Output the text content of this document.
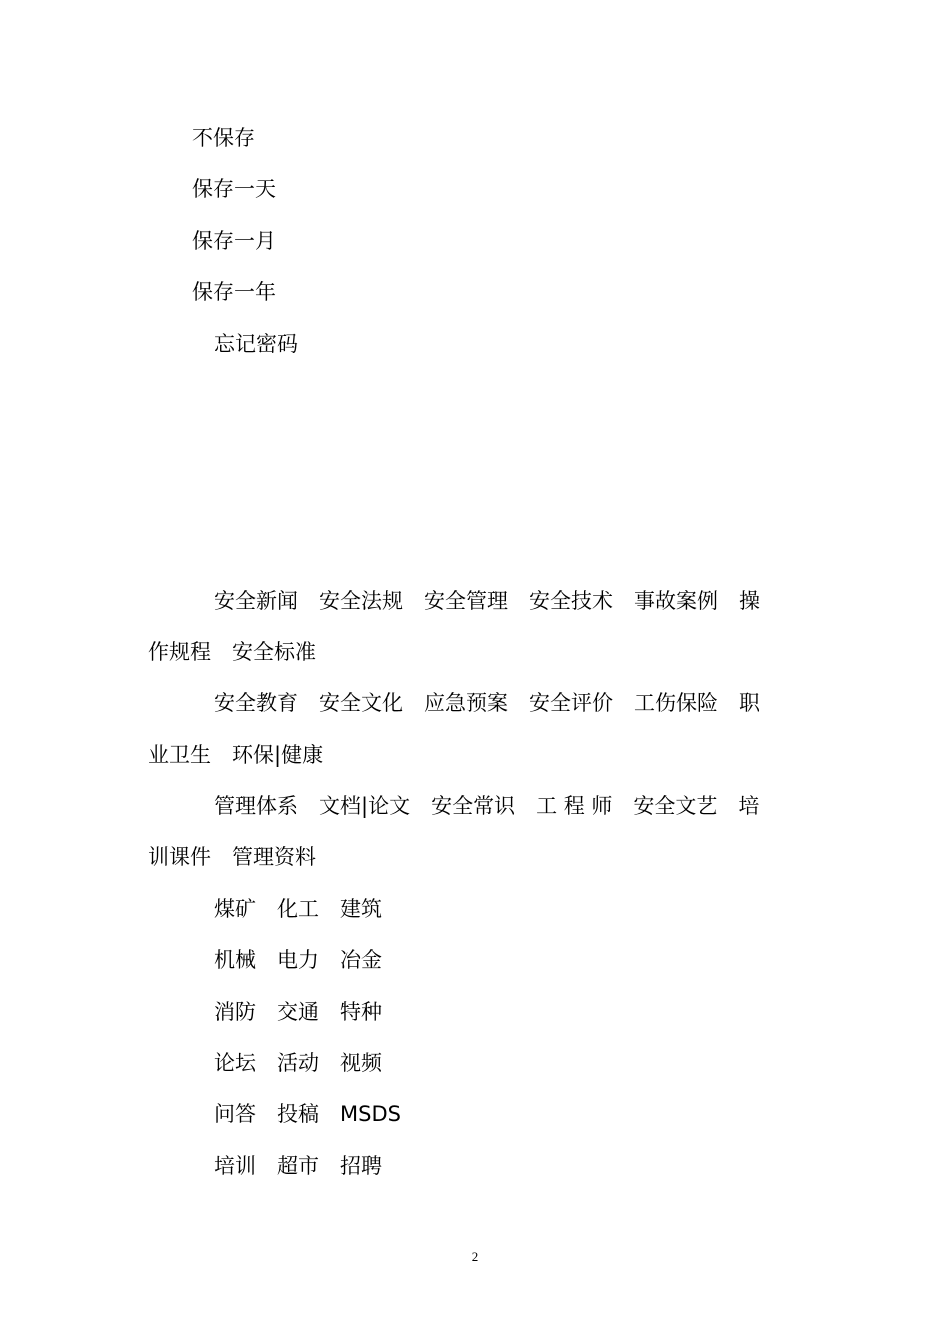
不保存

保存一天

保存一月

保存一年

忘记密码

安全新闻　安全法规　安全管理　安全技术　事故案例　操

作规程　安全标准

安全教育　安全文化　应急预案　安全评价　工伤保险　职

业卫生　环保|健康

管理体系　文档|论文　安全常识　工 程 师　安全文艺　培

训课件　管理资料

煤矿　化工　建筑

机械　电力　冶金

消防　交通　特种

论坛　活动　视频

问答　投稿　MSDS

培训　超市　招聘

2
